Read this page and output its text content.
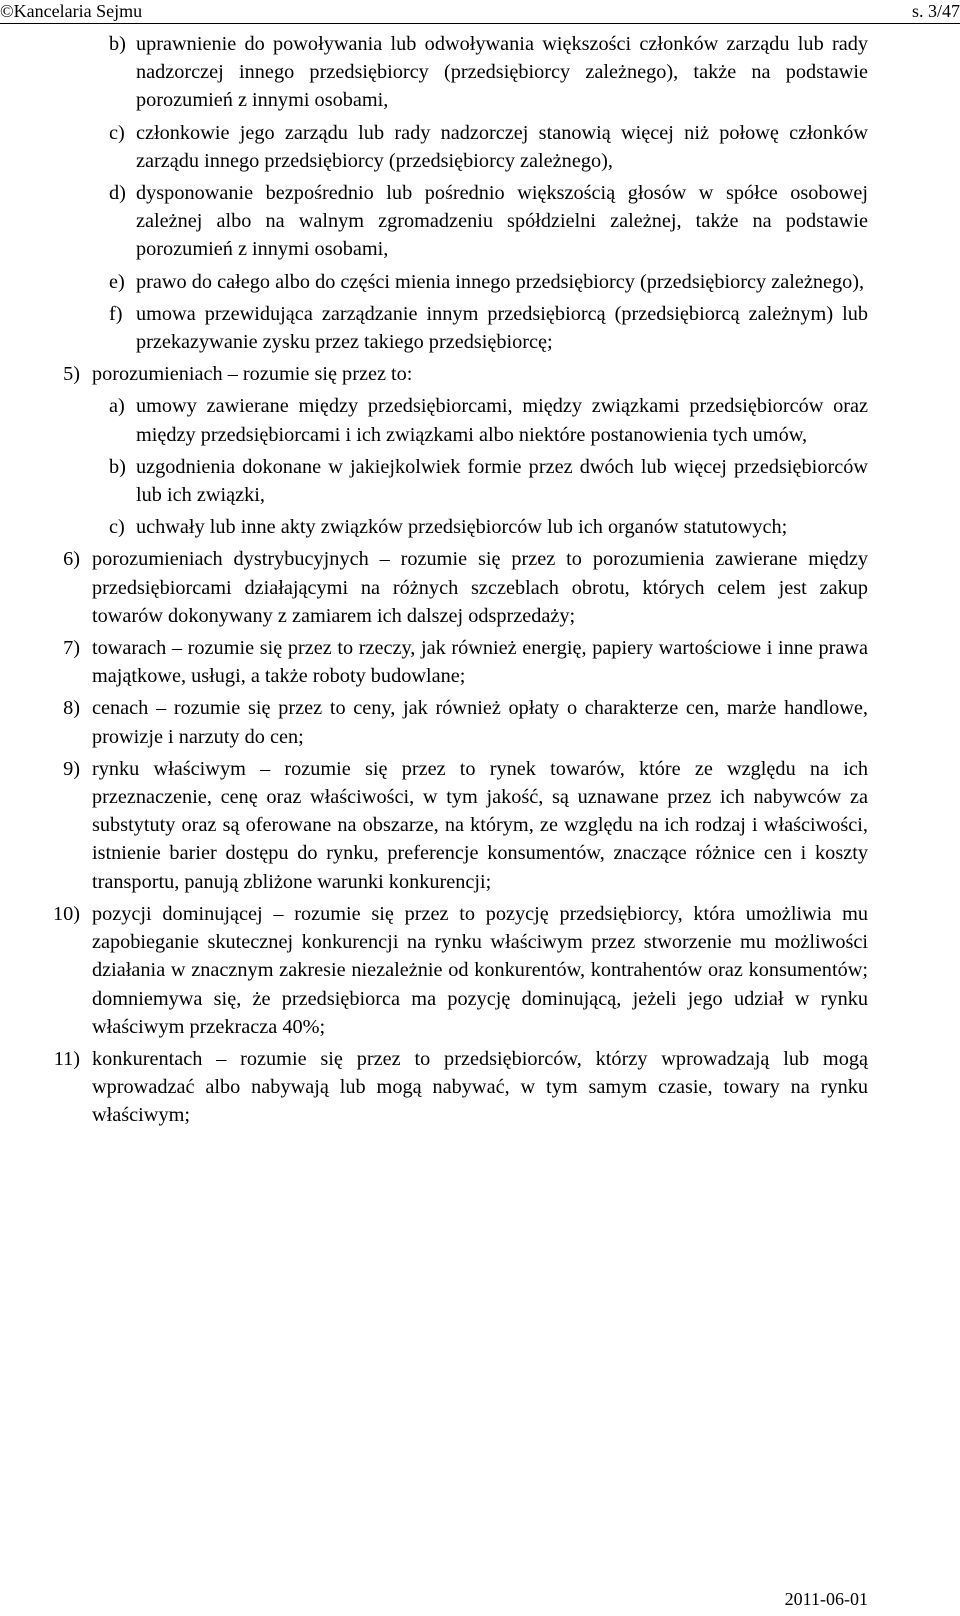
©Kancelaria Sejmu	s. 3/47
b) uprawnienie do powoływania lub odwoływania większości członków zarządu lub rady nadzorczej innego przedsiębiorcy (przedsiębiorcy zależnego), także na podstawie porozumień z innymi osobami,
c) członkowie jego zarządu lub rady nadzorczej stanowią więcej niż połowę członków zarządu innego przedsiębiorcy (przedsiębiorcy zależnego),
d) dysponowanie bezpośrednio lub pośrednio większością głosów w spółce osobowej zależnej albo na walnym zgromadzeniu spółdzielni zależnej, także na podstawie porozumień z innymi osobami,
e) prawo do całego albo do części mienia innego przedsiębiorcy (przedsiębiorcy zależnego),
f) umowa przewidująca zarządzanie innym przedsiębiorcą (przedsiębiorcą zależnym) lub przekazywanie zysku przez takiego przedsiębiorcę;
5) porozumieniach – rozumie się przez to:
a) umowy zawierane między przedsiębiorcami, między związkami przedsiębiorców oraz między przedsiębiorcami i ich związkami albo niektóre postanowienia tych umów,
b) uzgodnienia dokonane w jakiejkolwiek formie przez dwóch lub więcej przedsiębiorców lub ich związki,
c) uchwały lub inne akty związków przedsiębiorców lub ich organów statutowych;
6) porozumieniach dystrybucyjnych – rozumie się przez to porozumienia zawierane między przedsiębiorcami działającymi na różnych szczeblach obrotu, których celem jest zakup towarów dokonywany z zamiarem ich dalszej odsprzedaży;
7) towarach – rozumie się przez to rzeczy, jak również energię, papiery wartościowe i inne prawa majątkowe, usługi, a także roboty budowlane;
8) cenach – rozumie się przez to ceny, jak również opłaty o charakterze cen, marże handlowe, prowizje i narzuty do cen;
9) rynku właściwym – rozumie się przez to rynek towarów, które ze względu na ich przeznaczenie, cenę oraz właściwości, w tym jakość, są uznawane przez ich nabywców za substytuty oraz są oferowane na obszarze, na którym, ze względu na ich rodzaj i właściwości, istnienie barier dostępu do rynku, preferencje konsumentów, znaczące różnice cen i koszty transportu, panują zbliżone warunki konkurencji;
10) pozycji dominującej – rozumie się przez to pozycję przedsiębiorcy, która umożliwia mu zapobieganie skutecznej konkurencji na rynku właściwym przez stworzenie mu możliwości działania w znacznym zakresie niezależnie od konkurentów, kontrahentów oraz konsumentów; domniemywa się, że przedsiębiorca ma pozycję dominującą, jeżeli jego udział w rynku właściwym przekracza 40%;
11) konkurentach – rozumie się przez to przedsiębiorców, którzy wprowadzają lub mogą wprowadzać albo nabywają lub mogą nabywać, w tym samym czasie, towary na rynku właściwym;
2011-06-01
